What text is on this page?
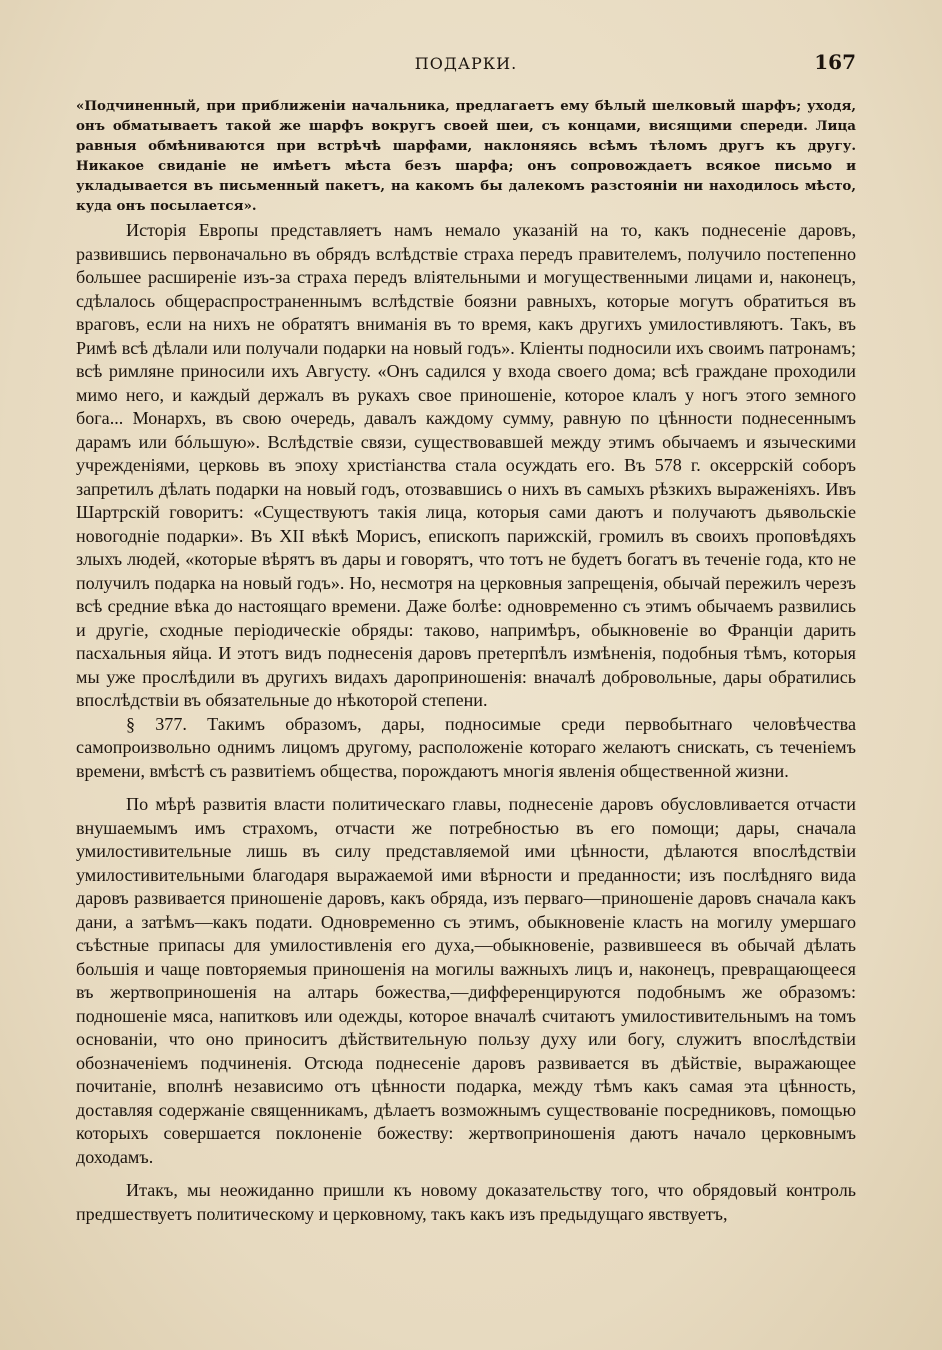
ПОДАРКИ.	167

«Подчиненный, при приближенiи начальника, предлагаетъ ему бѣлый шелковый шарфъ; уходя, онъ обматываетъ такой же шарфъ вокругъ своей шеи, съ концами, висящими спереди. Лица равныя обмѣниваются при встрѣчѣ шарфами, наклоняясь всѣмъ тѣломъ другъ къ другу. Никакое свиданiе не имѣетъ мѣста безъ шарфа; онъ сопровождаетъ всякое письмо и укладывается въ письменный пакетъ, на какомъ бы далекомъ разстоянiи ни находилось мѣсто, куда онъ посылается».

Исторiя Европы представляетъ намъ немало указанiй на то, какъ поднесенiе даровъ, развившись первоначально въ обрядъ вслѣдствiе страха передъ правителемъ, получило постепенно большее расширенiе изъ-за страха передъ влiятельными и могущественными лицами и, наконецъ, сдѣлалось общераспространеннымъ вслѣдствiе боязни равныхъ, которые могутъ обратиться въ враговъ, если на нихъ не обратятъ вниманiя въ то время, какъ другихъ умилостивляютъ. Такъ, въ Римѣ всѣ дѣлали или получали подарки на новый годъ». Клiенты подносили ихъ своимъ патронамъ; всѣ римляне приносили ихъ Августу. «Онъ садился у входа своего дома; всѣ граждане проходили мимо него, и каждый держалъ въ рукахъ свое приношенiе, которое клалъ у ногъ этого земного бога... Монархъ, въ свою очередь, давалъ каждому сумму, равную по цѣнности поднесеннымъ дарамъ или бóльшую». Вслѣдствiе связи, существовавшей между этимъ обычаемъ и языческими учрежденiями, церковь въ эпоху христiанства стала осуждать его. Въ 578 г. оксеррскiй соборъ запретилъ дѣлать подарки на новый годъ, отозвавшись о нихъ въ самыхъ рѣзкихъ выраженiяхъ. Ивъ Шартрскiй говоритъ: «Существуютъ такiя лица, которыя сами даютъ и получаютъ дьявольскiе новогоднiе подарки». Въ XII вѣкѣ Морисъ, епископъ парижскiй, громилъ въ своихъ проповѣдяхъ злыхъ людей, «которые вѣрятъ въ дары и говорятъ, что тотъ не будетъ богатъ въ теченiе года, кто не получилъ подарка на новый годъ». Но, несмотря на церковныя запрещенiя, обычай пережилъ черезъ всѣ средние вѣка до настоящаго времени. Даже болѣе: одновременно съ этимъ обычаемъ развились и другiе, сходные перiодическiе обряды: таково, напримѣръ, обыкновенiе во Францiи дарить пасхальныя яйца. И этотъ видъ поднесенiя даровъ претерпѣлъ измѣненiя, подобныя тѣмъ, которыя мы уже прослѣдили въ другихъ видахъ дароприношенiя: вначалѣ добровольные, дары обратились впослѣдствiи въ обязательные до нѣкоторой степени.

§ 377. Такимъ образомъ, дары, подносимые среди первобытнаго человѣчества самопроизвольно однимъ лицомъ другому, расположенiе котораго желаютъ снискать, съ теченiемъ времени, вмѣстѣ съ развитiемъ общества, порождаютъ многiя явленiя общественной жизни.

По мѣрѣ развитiя власти политическаго главы, поднесенiе даровъ обусловливается отчасти внушаемымъ имъ страхомъ, отчасти же потребностью въ его помощи; дары, сначала умилостивительные лишь въ силу представляемой ими цѣнности, дѣлаются впослѣдствiи умилостивительными благодаря выражаемой ими вѣрности и преданности; изъ послѣдняго вида даровъ развивается приношенiе даровъ, какъ обряда, изъ перваго—приношенiе даровъ сначала какъ дани, а затѣмъ—какъ подати. Одновременно съ этимъ, обыкновенiе класть на могилу умершаго съѣстные припасы для умилостивленiя его духа,—обыкновенiе, развившееся въ обычай дѣлать большiя и чаще повторяемыя приношенiя на могилы важныхъ лицъ и, наконецъ, превращающееся въ жертвоприношенiя на алтарь божества,—дифференцируются подобнымъ же образомъ: подношенiе мяса, напитковъ или одежды, которое вначалѣ считаютъ умилостивительнымъ на томъ основанiи, что оно приноситъ дѣйствительную пользу духу или богу, служитъ впослѣдствiи обозначенiемъ подчиненiя. Отсюда поднесенiе даровъ развивается въ дѣйствiе, выражающее почитанiе, вполнѣ независимо отъ цѣнности подарка, между тѣмъ какъ самая эта цѣнность, доставляя содержанiе священникамъ, дѣлаетъ возможнымъ существованiе посредниковъ, помощью которыхъ совершается поклоненiе божеству: жертвоприношенiя даютъ начало церковнымъ доходамъ.

Итакъ, мы неожиданно пришли къ новому доказательству того, что обрядовый контроль предшествуетъ политическому и церковному, такъ какъ изъ предыдущаго явствуетъ,
